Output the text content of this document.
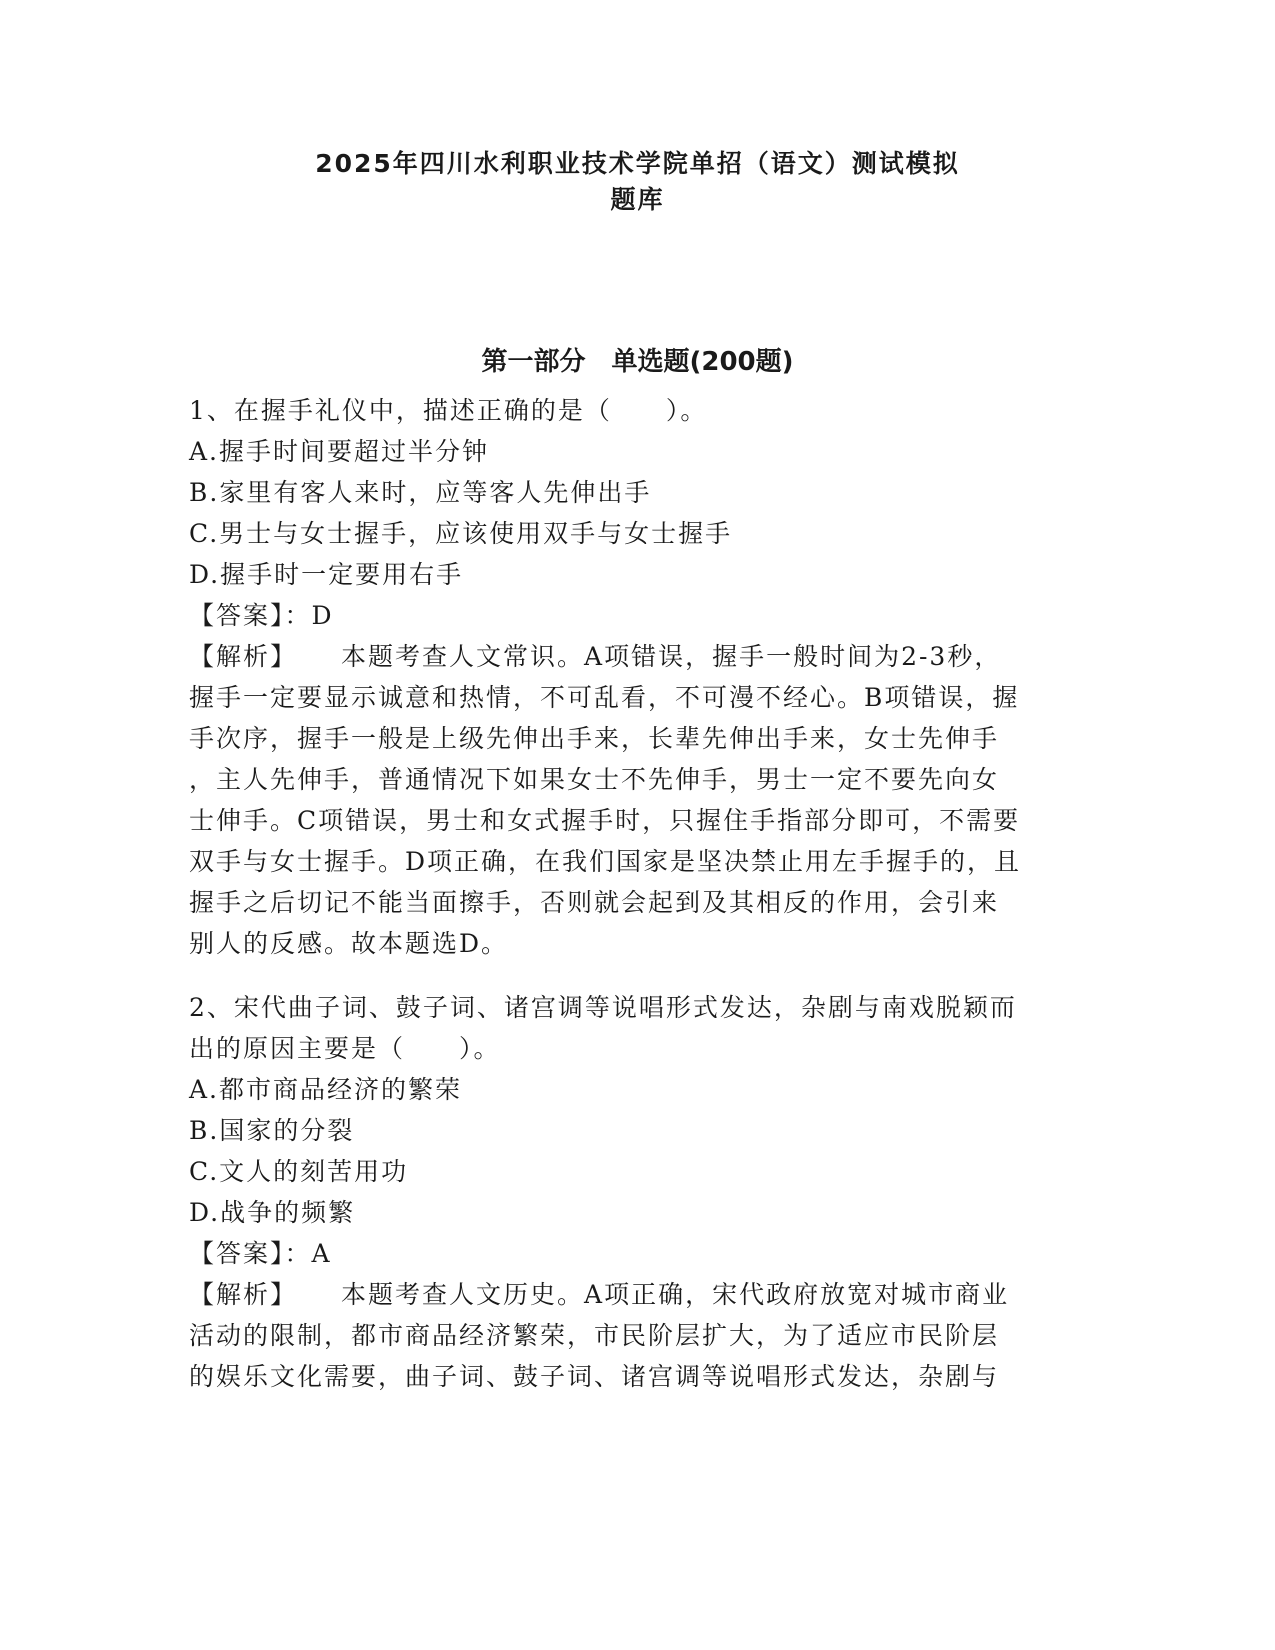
2025年四川水利职业技术学院单招（语文）测试模拟
题库
第一部分　单选题(200题)
1、在握手礼仪中，描述正确的是（　　）。
A.握手时间要超过半分钟
B.家里有客人来时，应等客人先伸出手
C.男士与女士握手，应该使用双手与女士握手
D.握手时一定要用右手
【答案】：D
【解析】 本题考查人文常识。A项错误，握手一般时间为2-3秒，
握手一定要显示诚意和热情，不可乱看，不可漫不经心。B项错误，握
手次序，握手一般是上级先伸出手来，长辈先伸出手来，女士先伸手
，主人先伸手，普通情况下如果女士不先伸手，男士一定不要先向女
士伸手。C项错误，男士和女式握手时，只握住手指部分即可，不需要
双手与女士握手。D项正确，在我们国家是坚决禁止用左手握手的，且
握手之后切记不能当面擦手，否则就会起到及其相反的作用，会引来
别人的反感。故本题选D。
2、宋代曲子词、鼓子词、诸宫调等说唱形式发达，杂剧与南戏脱颖而
出的原因主要是（　　）。
A.都市商品经济的繁荣
B.国家的分裂
C.文人的刻苦用功
D.战争的频繁
【答案】：A
【解析】 本题考查人文历史。A项正确，宋代政府放宽对城市商业
活动的限制，都市商品经济繁荣，市民阶层扩大，为了适应市民阶层
的娱乐文化需要，曲子词、鼓子词、诸宫调等说唱形式发达，杂剧与
